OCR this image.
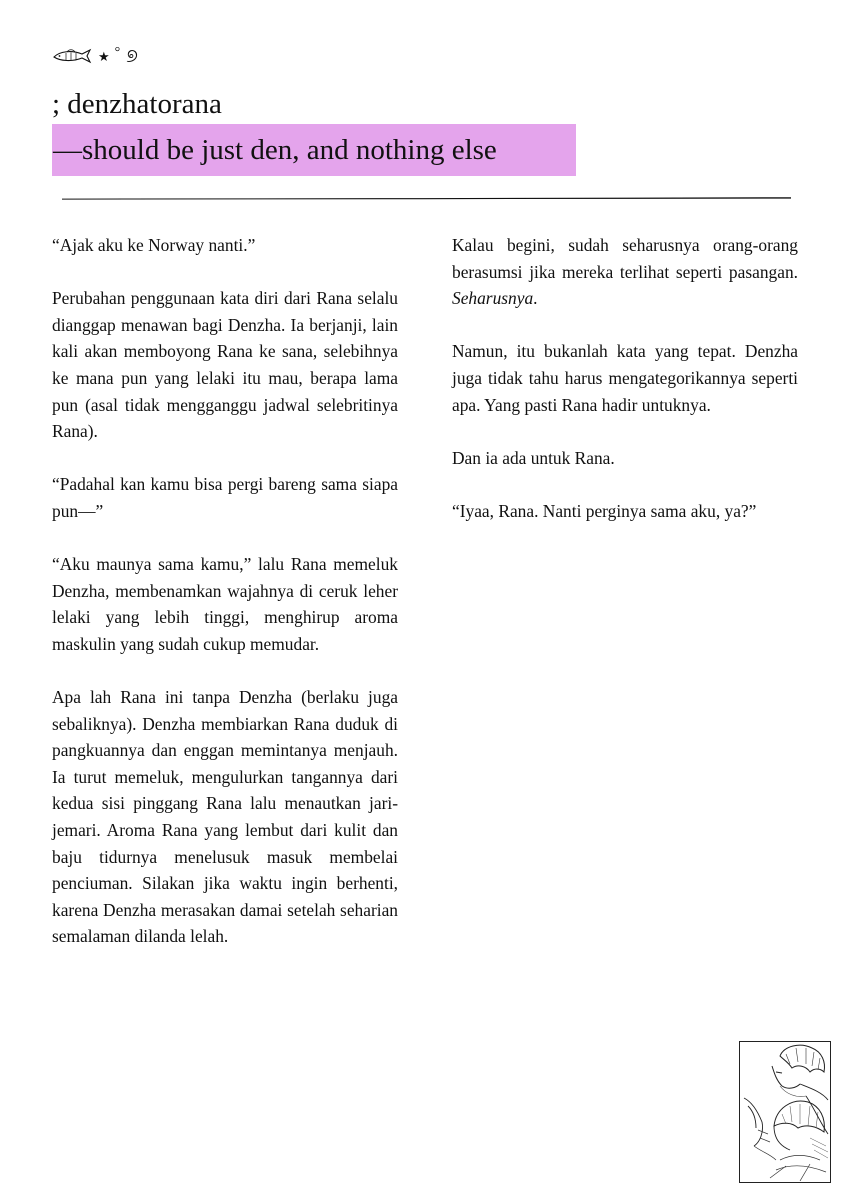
★ ° ୭
; denzhatorana
—should be just den, and nothing else

“Ajak aku ke Norway nanti.”

Perubahan penggunaan kata diri dari Rana selalu dianggap menawan bagi Denzha. Ia berjanji, lain kali akan memboyong Rana ke sana, selebihnya ke mana pun yang lelaki itu mau, berapa lama pun (asal tidak mengganggu jadwal selebritinya Rana).

“Padahal kan kamu bisa pergi bareng sama siapa pun—”

“Aku maunya sama kamu,” lalu Rana memeluk Denzha, membenamkan wajahnya di ceruk leher lelaki yang lebih tinggi, menghirup aroma maskulin yang sudah cukup memudar.

Apa lah Rana ini tanpa Denzha (berlaku juga sebaliknya). Denzha membiarkan Rana duduk di pangkuannya dan enggan memintanya menjauh. Ia turut memeluk, mengulurkan tangannya dari kedua sisi pinggang Rana lalu menautkan jari-jemari. Aroma Rana yang lembut dari kulit dan baju tidurnya menelusuk masuk membelai penciuman. Silakan jika waktu ingin berhenti, karena Denzha merasakan damai setelah seharian semalaman dilanda lelah.

Kalau begini, sudah seharusnya orang-orang berasumsi jika mereka terlihat seperti pasangan. Seharusnya.

Namun, itu bukanlah kata yang tepat. Denzha juga tidak tahu harus mengategorikannya seperti apa. Yang pasti Rana hadir untuknya.

Dan ia ada untuk Rana.

“Iyaa, Rana. Nanti perginya sama aku, ya?”
